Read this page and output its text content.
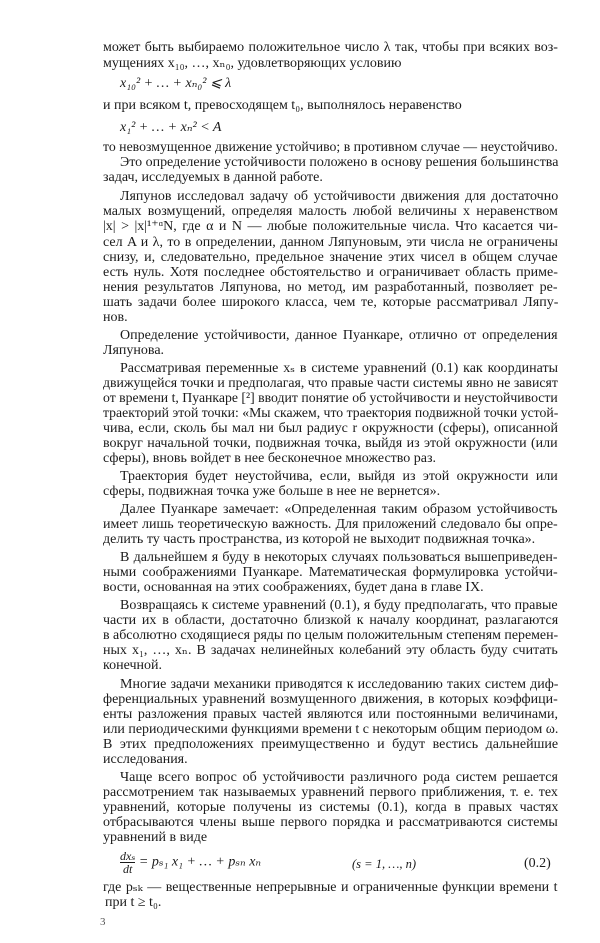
может быть выбираемо положительное число λ так, чтобы при всяких воз-
мущениях x₁₀, …, xₙ₀, удовлетворяющих условию
x₁₀² + … + xₙ₀² ⩽ λ
и при всяком t, превосходящем t₀, выполнялось неравенство
x₁² + … + xₙ² < A
то невозмущенное движение устойчиво; в противном случае — неустойчиво.
Это определение устойчивости положено в основу решения большинства
задач, исследуемых в данной работе.
Ляпунов исследовал задачу об устойчивости движения для достаточно
малых возмущений, определяя малость любой величины x неравенством
|x| > |x|¹⁺ᵅN, где α и N — любые положительные числа. Что касается чи-
сел A и λ, то в определении, данном Ляпуновым, эти числа не ограничены
снизу, и, следовательно, предельное значение этих чисел в общем случае
есть нуль. Хотя последнее обстоятельство и ограничивает область приме-
нения результатов Ляпунова, но метод, им разработанный, позволяет ре-
шать задачи более широкого класса, чем те, которые рассматривал Ляпу-
нов.
Определение устойчивости, данное Пуанкаре, отлично от определения
Ляпунова.
Рассматривая переменные xₛ в системе уравнений (0.1) как координаты
движущейся точки и предполагая, что правые части системы явно не зависят
от времени t, Пуанкаре [²] вводит понятие об устойчивости и неустойчивости
траекторий этой точки: «Мы скажем, что траектория подвижной точки устой-
чива, если, сколь бы мал ни был радиус r окружности (сферы), описанной
вокруг начальной точки, подвижная точка, выйдя из этой окружности (или
сферы), вновь войдет в нее бесконечное множество раз.
Траектория будет неустойчива, если, выйдя из этой окружности или
сферы, подвижная точка уже больше в нее не вернется».
Далее Пуанкаре замечает: «Определенная таким образом устойчивость
имеет лишь теоретическую важность. Для приложений следовало бы опре-
делить ту часть пространства, из которой не выходит подвижная точка».
В дальнейшем я буду в некоторых случаях пользоваться вышеприведен-
ными соображениями Пуанкаре. Математическая формулировка устойчи-
вости, основанная на этих соображениях, будет дана в главе IX.
Возвращаясь к системе уравнений (0.1), я буду предполагать, что правые
части их в области, достаточно близкой к началу координат, разлагаются
в абсолютно сходящиеся ряды по целым положительным степеням перемен-
ных x₁, …, xₙ. В задачах нелинейных колебаний эту область буду считать
конечной.
Многие задачи механики приводятся к исследованию таких систем диф-
ференциальных уравнений возмущенного движения, в которых коэффици-
енты разложения правых частей являются или постоянными величинами,
или периодическими функциями времени t с некоторым общим периодом ω.
В этих предположениях преимущественно и будут вестись дальнейшие
исследования.
Чаще всего вопрос об устойчивости различного рода систем решается
рассмотрением так называемых уравнений первого приближения, т. е. тех
уравнений, которые получены из системы (0.1), когда в правых частях
отбрасываются члены выше первого порядка и рассматриваются системы
уравнений в виде
$\frac{\text{dxₛ}}{dt} = p_{s1}$ x₁ + … + pₛₙ xₙ	(s = 1, …, n)	(0.2)
где pₛₖ — вещественные непрерывные и ограниченные функции времени t
при t ≥ t₀.
3
